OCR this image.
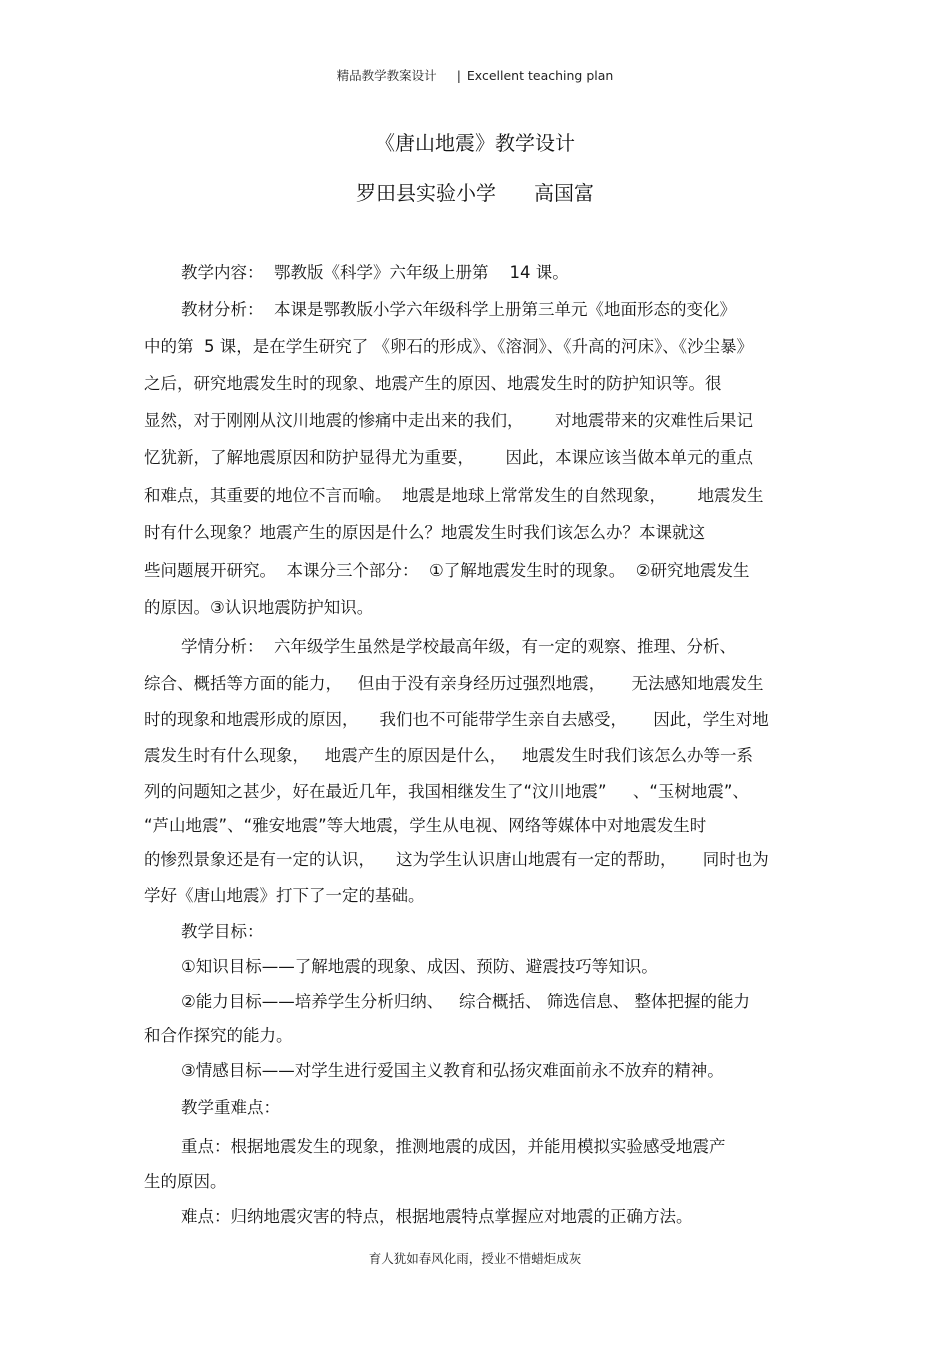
精品教学教案设计 | Excellent teaching plan
《唐山地震》教学设计
罗田县实验小学 高国富
教学内容：  鄂教版《科学》六年级上册第    14 课。
教材分析：  本课是鄂教版小学六年级科学上册第三单元《地面形态的变化》
中的第  5 课，是在学生研究了 《卵石的形成》、《溶洞》、《升高的河床》、《沙尘暴》
之后，研究地震发生时的现象、地震产生的原因、地震发生时的防护知识等。很
显然，对于刚刚从汶川地震的惨痛中走出来的我们，      对地震带来的灾难性后果记
忆犹新，了解地震原因和防护显得尤为重要，      因此，本课应该当做本单元的重点
和难点，其重要的地位不言而喻。  地震是地球上常常发生的自然现象，      地震发生
时有什么现象？地震产生的原因是什么？地震发生时我们该怎么办？本课就这
些问题展开研究。  本课分三个部分：  ①了解地震发生时的现象。  ②研究地震发生
的原因。③认识地震防护知识。
学情分析：  六年级学生虽然是学校最高年级，有一定的观察、推理、分析、
综合、概括等方面的能力，   但由于没有亲身经历过强烈地震，     无法感知地震发生
时的现象和地震形成的原因，    我们也不可能带学生亲自去感受，     因此，学生对地
震发生时有什么现象，   地震产生的原因是什么，   地震发生时我们该怎么办等一系
列的问题知之甚少，好在最近几年，我国相继发生了“汶川地震”     、“玉树地震”、
“芦山地震”、“雅安地震”等大地震，学生从电视、网络等媒体中对地震发生时
的惨烈景象还是有一定的认识，    这为学生认识唐山地震有一定的帮助，     同时也为
学好《唐山地震》打下了一定的基础。
教学目标：
①知识目标——了解地震的现象、成因、预防、避震技巧等知识。
②能力目标——培养学生分析归纳、   综合概括、 筛选信息、 整体把握的能力
和合作探究的能力。
③情感目标——对学生进行爱国主义教育和弘扬灾难面前永不放弃的精神。
教学重难点：
重点：根据地震发生的现象，推测地震的成因，并能用模拟实验感受地震产
生的原因。
难点：归纳地震灾害的特点，根据地震特点掌握应对地震的正确方法。
育人犹如春风化雨，授业不惜蜡炬成灰
